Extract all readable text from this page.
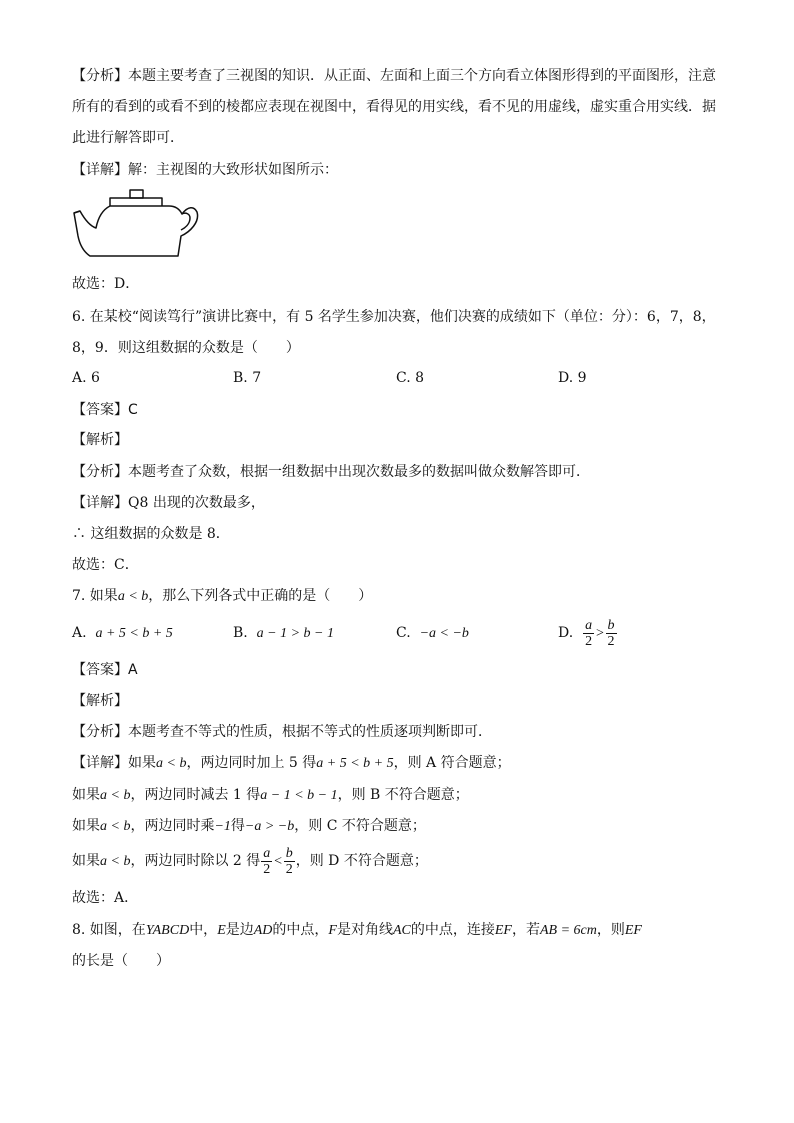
【分析】本题主要考查了三视图的知识．从正面、左面和上面三个方向看立体图形得到的平面图形，注意
所有的看到的或看不到的棱都应表现在视图中，看得见的用实线，看不见的用虚线，虚实重合用实线．据
此进行解答即可．
【详解】解：主视图的大致形状如图所示：
故选：D．
6. 在某校“阅读笃行”演讲比赛中，有 5 名学生参加决赛，他们决赛的成绩如下（单位：分）：6，7，8，
8，9．则这组数据的众数是（　　）
A. 6	B. 7	C. 8	D. 9
【答案】C
【解析】
【分析】本题考查了众数，根据一组数据中出现次数最多的数据叫做众数解答即可．
【详解】Q8 出现的次数最多，
∴ 这组数据的众数是 8．
故选：C．
7. 如果a < b，那么下列各式中正确的是（　　）
A. a + 5 < b + 5	B. a − 1 > b − 1	C. −a < −b	D. $\frac{a}{2} > \frac{b}{2}$
【答案】A
【解析】
【分析】本题考查不等式的性质，根据不等式的性质逐项判断即可．
【详解】如果a < b，两边同时加上 5 得a + 5 < b + 5，则 A 符合题意；
如果a < b，两边同时减去 1 得a − 1 < b − 1，则 B 不符合题意；
如果a < b，两边同时乘−1得−a > −b，则 C 不符合题意；
如果a < b，两边同时除以 2 得 $\frac{a}{2} < \frac{b}{2}$ ，则 D 不符合题意；
故选：A．
8. 如图，在YABCD中，E是边AD的中点，F是对角线AC的中点，连接EF，若AB = 6cm，则EF
的长是（　　）
